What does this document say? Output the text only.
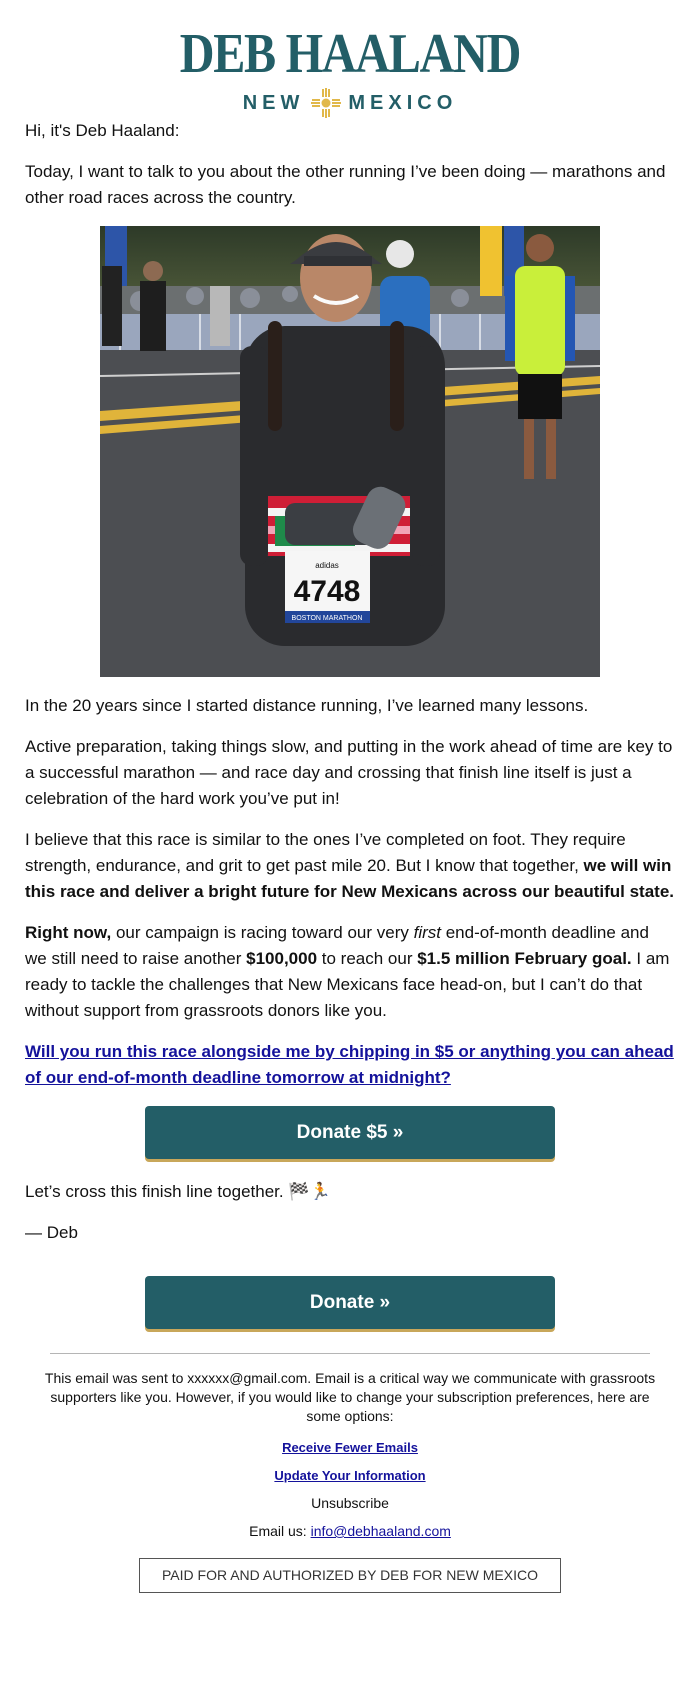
DEB HAALAND
NEW MEXICO

Hi, it's Deb Haaland:

Today, I want to talk to you about the other running I’ve been doing — marathons and other road races across the country.

adidas
4748
BOSTON MARATHON

In the 20 years since I started distance running, I’ve learned many lessons.

Active preparation, taking things slow, and putting in the work ahead of time are key to a successful marathon — and race day and crossing that finish line itself is just a celebration of the hard work you’ve put in!

I believe that this race is similar to the ones I’ve completed on foot. They require strength, endurance, and grit to get past mile 20. But I know that together, we will win this race and deliver a bright future for New Mexicans across our beautiful state.

Right now, our campaign is racing toward our very first end-of-month deadline and we still need to raise another $100,000 to reach our $1.5 million February goal. I am ready to tackle the challenges that New Mexicans face head-on, but I can’t do that without support from grassroots donors like you.

Will you run this race alongside me by chipping in $5 or anything you can ahead of our end-of-month deadline tomorrow at midnight?

Donate $5 »

Let’s cross this finish line together. 🏁🏃

— Deb

Donate »
This email was sent to xxxxxx@gmail.com. Email is a critical way we communicate with grassroots supporters like you. However, if you would like to change your subscription preferences, here are some options:
Receive Fewer Emails
Update Your Information
Unsubscribe
Email us: info@debhaaland.com
PAID FOR AND AUTHORIZED BY DEB FOR NEW MEXICO
